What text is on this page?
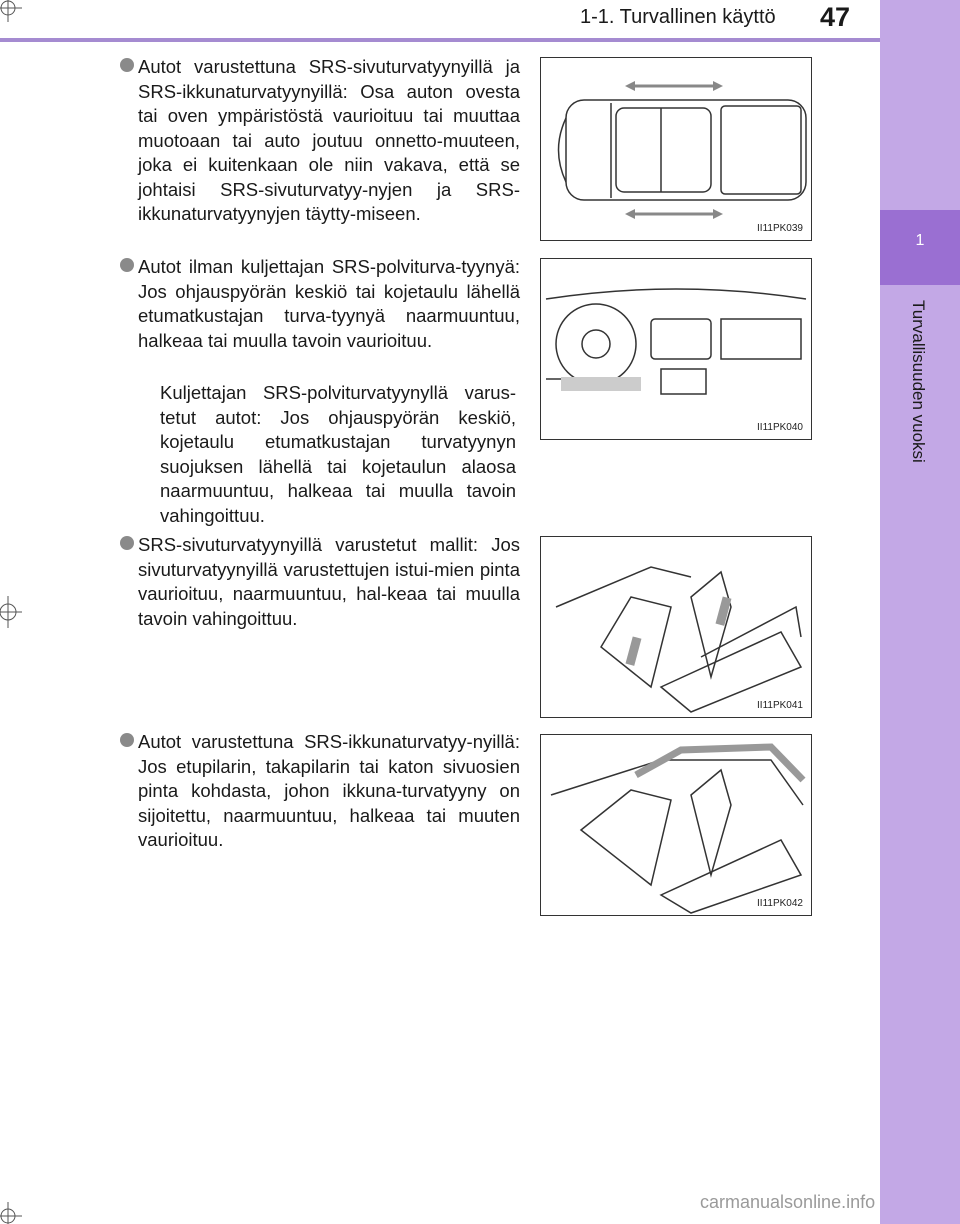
1
Turvallisuuden vuoksi
1-1. Turvallinen käyttö 47
Autot varustettuna SRS-sivuturvatyynyillä ja SRS-ikkunaturvatyynyillä: Osa auton ovesta tai oven ympäristöstä vaurioituu tai muuttaa muotoaan tai auto joutuu onnetto-muuteen, joka ei kuitenkaan ole niin vakava, että se johtaisi SRS-sivuturvatyy-nyjen ja SRS-ikkunaturvatyynyjen täytty-miseen.
II11PK039
Autot ilman kuljettajan SRS-polviturva-tyynyä: Jos ohjauspyörän keskiö tai kojetaulu lähellä etumatkustajan turva-tyynyä naarmuuntuu, halkeaa tai muulla tavoin vaurioituu.
Kuljettajan SRS-polviturvatyynyllä varus-tetut autot: Jos ohjauspyörän keskiö, kojetaulu etumatkustajan turvatyynyn suojuksen lähellä tai kojetaulun alaosa naarmuuntuu, halkeaa tai muulla tavoin vahingoittuu.
II11PK040
SRS-sivuturvatyynyillä varustetut mallit: Jos sivuturvatyynyillä varustettujen istui-mien pinta vaurioituu, naarmuuntuu, hal-keaa tai muulla tavoin vahingoittuu.
II11PK041
Autot varustettuna SRS-ikkunaturvatyy-nyillä: Jos etupilarin, takapilarin tai katon sivuosien pinta kohdasta, johon ikkuna-turvatyyny on sijoitettu, naarmuuntuu, halkeaa tai muuten vaurioituu.
II11PK042
carmanualsonline.info
